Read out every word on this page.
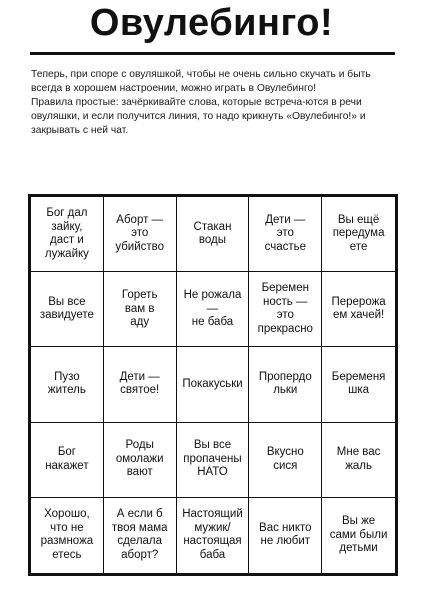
Овулебинго!

Теперь, при споре с овуляшкой, чтобы не очень сильно скучать и быть всегда в хорошем настроении, можно играть в Овулебинго!

Правила простые: зачёркивайте слова, которые встреча-ются в речи овуляшки, и если получится линия, то надо крикнуть «Овулебинго!» и закрывать с ней чат.

Бог дал
зайку,
даст и
лужайку
Аборт —
это
убийство
Стакан
воды
Дети —
это
счастье
Вы ещё
передума
ете
Вы все
завидуете
Гореть
вам в
аду
Не рожала
—
не баба
Беремен
ность —
это
прекрасно
Перерожа
ем хачей!
Пузо
житель
Дети —
святое!
Покакуськи
Пропердо
льки
Беременя
шка
Бог
накажет
Роды
омолажи
вают
Вы все
пропачены
НАТО
Вкусно
сися
Мне вас
жаль
Хорошо,
что не
размножа
етесь
А если б
твоя мама
сделала
аборт?
Настоящий
мужик/
настоящая
баба
Вас никто
не любит
Вы же
сами были
детьми
